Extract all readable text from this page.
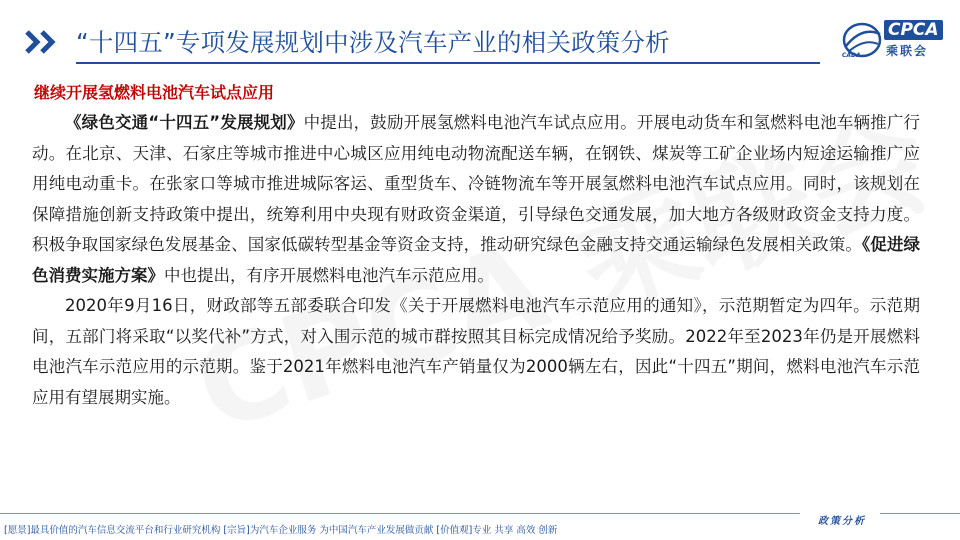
“十四五”专项发展规划中涉及汽车产业的相关政策分析	CPCA
乘联会
CADA
继续开展氢燃料电池汽车试点应用

《绿色交通“十四五”发展规划》中提出，鼓励开展氢燃料电池汽车试点应用。开展电动货车和氢燃料电池车辆推广行动。在北京、天津、石家庄等城市推进中心城区应用纯电动物流配送车辆，在钢铁、煤炭等工矿企业场内短途运输推广应用纯电动重卡。在张家口等城市推进城际客运、重型货车、冷链物流车等开展氢燃料电池汽车试点应用。同时，该规划在保障措施创新支持政策中提出，统筹利用中央现有财政资金渠道，引导绿色交通发展，加大地方各级财政资金支持力度。积极争取国家绿色发展基金、国家低碳转型基金等资金支持，推动研究绿色金融支持交通运输绿色发展相关政策。《促进绿色消费实施方案》中也提出，有序开展燃料电池汽车示范应用。

2020年9月16日，财政部等五部委联合印发《关于开展燃料电池汽车示范应用的通知》，示范期暂定为四年。示范期间，五部门将采取“以奖代补”方式，对入围示范的城市群按照其目标完成情况给予奖励。2022年至2023年仍是开展燃料电池汽车示范应用的示范期。鉴于2021年燃料电池汽车产销量仅为2000辆左右，因此“十四五”期间，燃料电池汽车示范应用有望展期实施。

[愿景]最具价值的汽车信息交流平台和行业研究机构 [宗旨]为汽车企业服务 为中国汽车产业发展做贡献 [价值观]专业 共享 高效 创新
政策分析
